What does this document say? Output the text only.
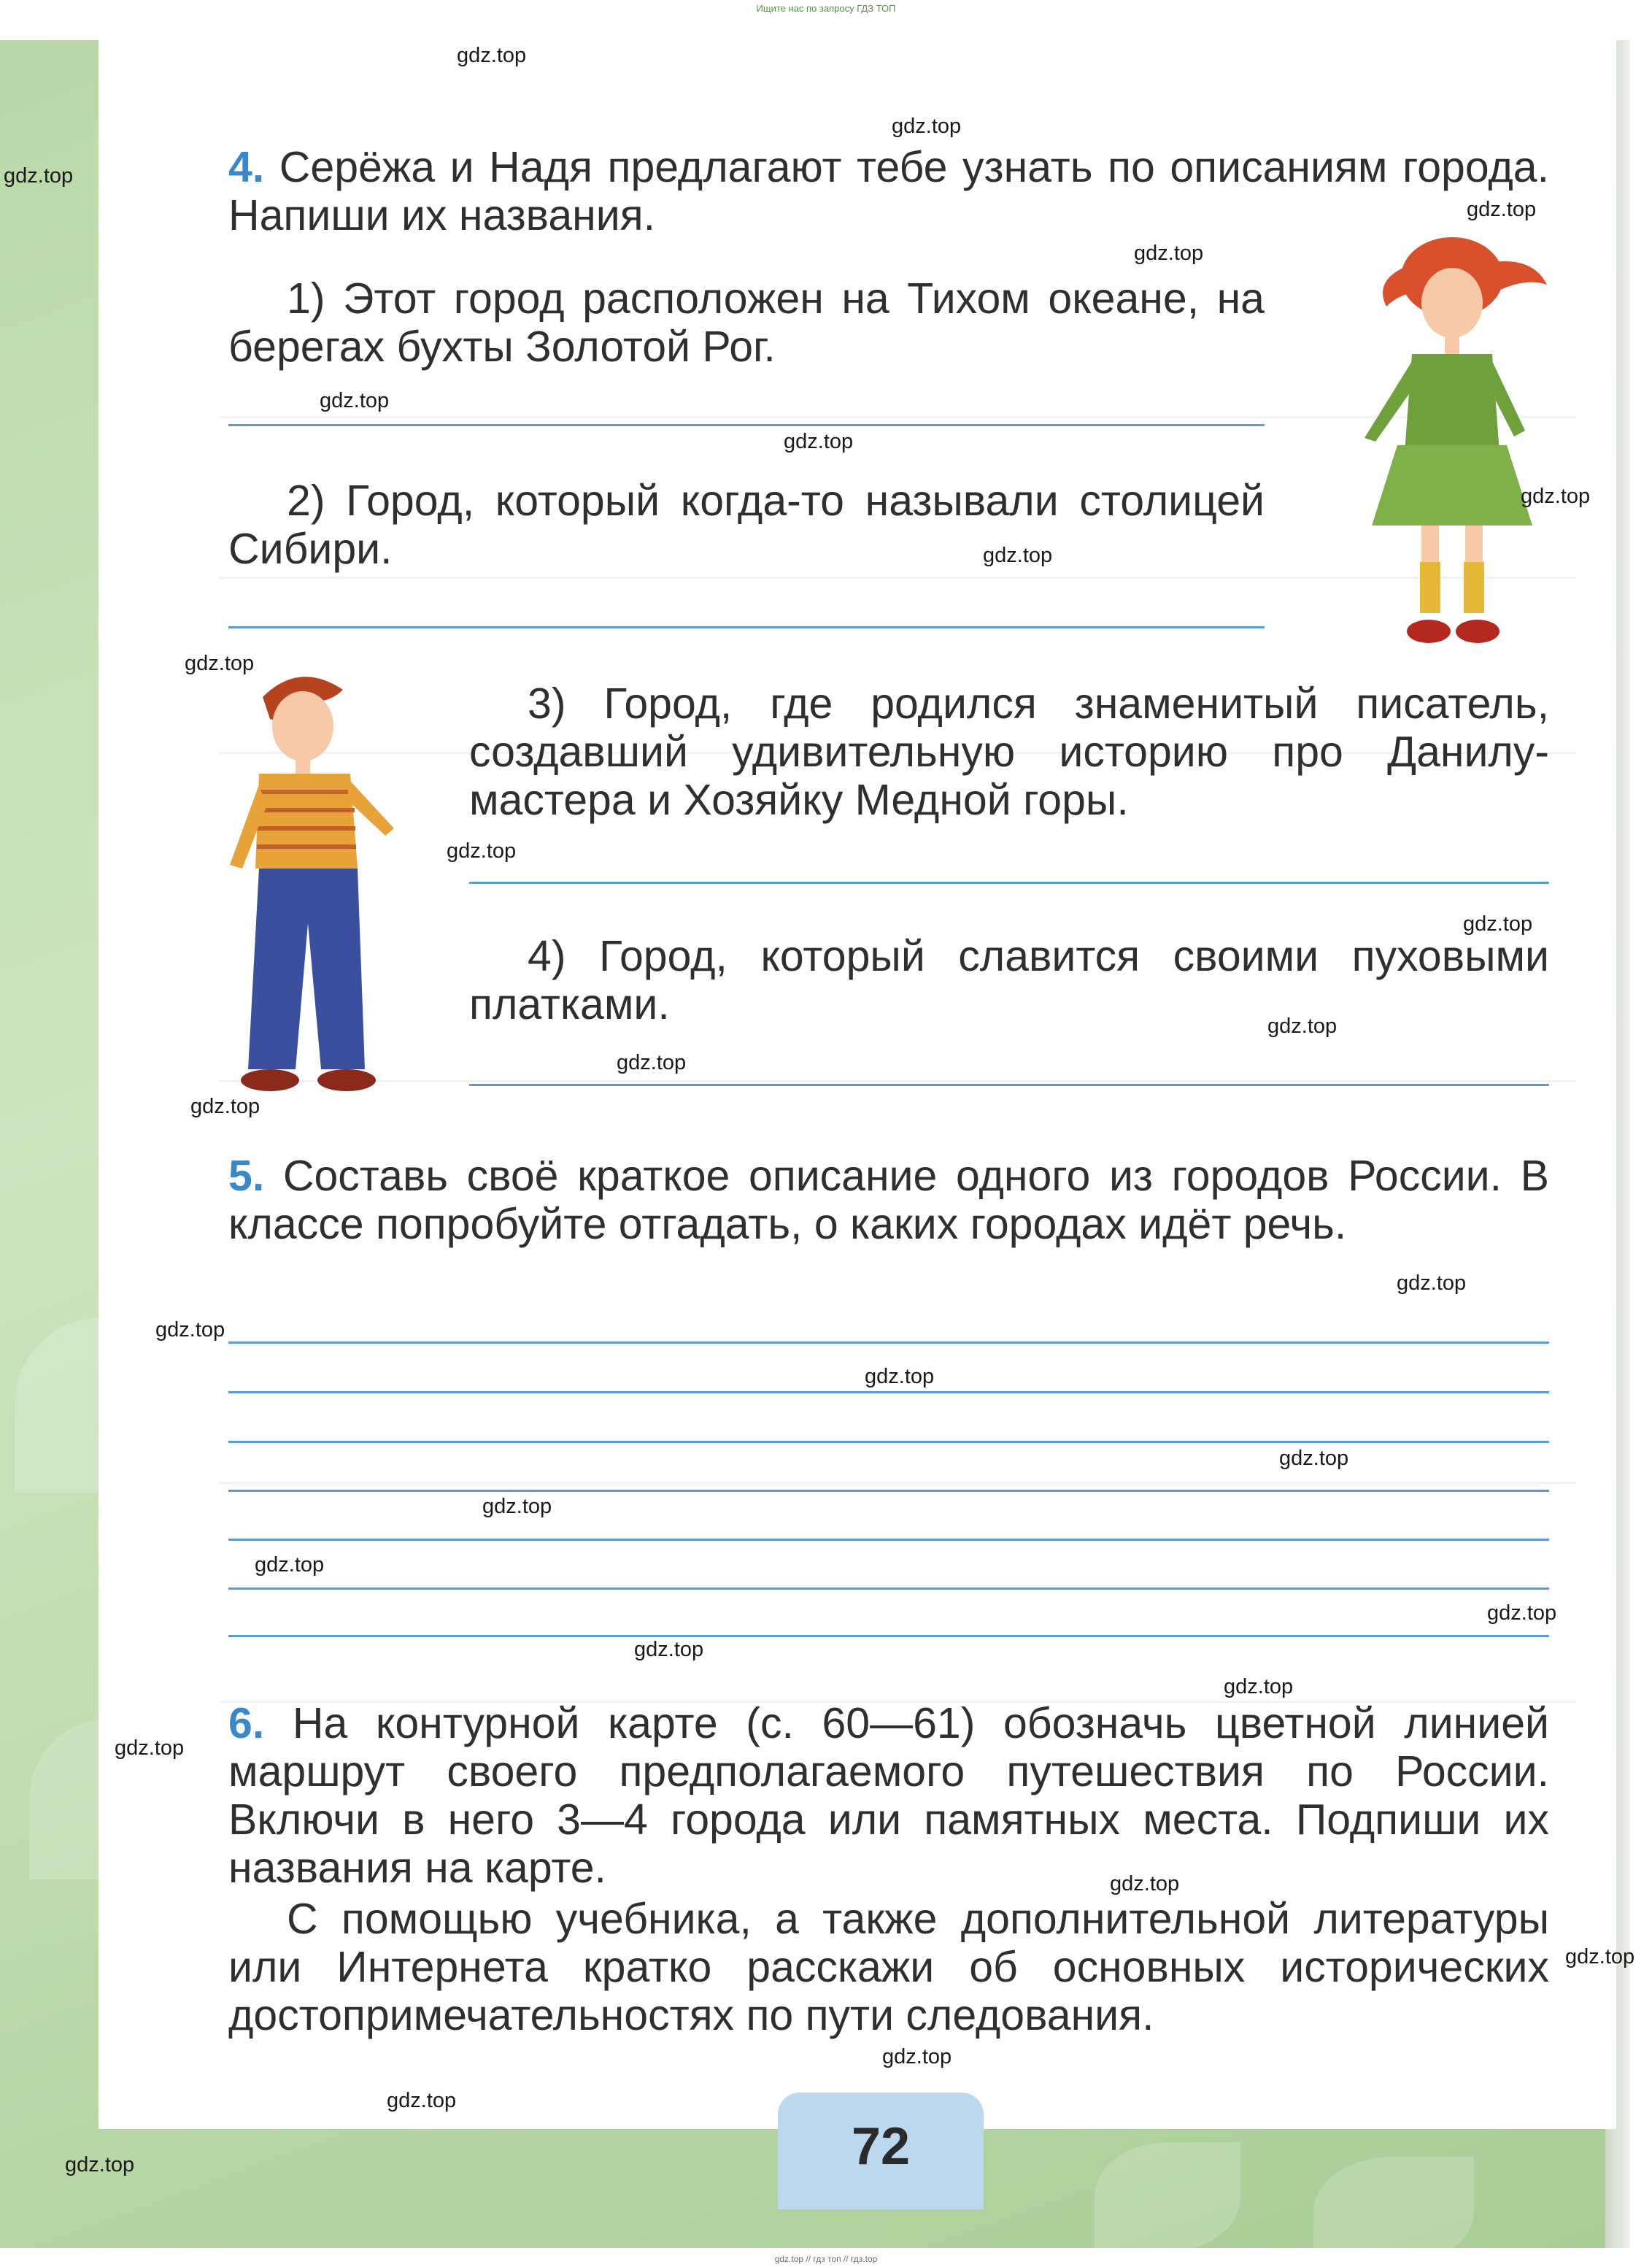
Ищите нас по запросу ГДЗ ТОП
4. Серёжа и Надя предлагают тебе узнать по описаниям города. Напиши их названия.
1) Этот город расположен на Тихом океане, на берегах бухты Золотой Рог.
2) Город, который когда-то называли столицей Сибири.
3) Город, где родился знаменитый писатель, создавший удивительную историю про Данилу-мастера и Хозяйку Медной горы.
4) Город, который славится своими пуховыми платками.
5. Составь своё краткое описание одного из городов России. В классе попробуйте отгадать, о каких городах идёт речь.
6. На контурной карте (с. 60—61) обозначь цветной линией маршрут своего предполагаемого путешествия по России. Включи в него 3—4 города или памятных места. Подпиши их названия на карте.
С помощью учебника, а также дополнительной литературы или Интернета кратко расскажи об основных исторических достопримечательностях по пути следования.
72
gdz.top // гдз топ // гдз.top
gdz.top
gdz.top
gdz.top
gdz.top
gdz.top
gdz.top
gdz.top
gdz.top
gdz.top
gdz.top
gdz.top
gdz.top
gdz.top
gdz.top
gdz.top
gdz.top
gdz.top
gdz.top
gdz.top
gdz.top
gdz.top
gdz.top
gdz.top
gdz.top
gdz.top
gdz.top
gdz.top
gdz.top
gdz.top
gdz.top
